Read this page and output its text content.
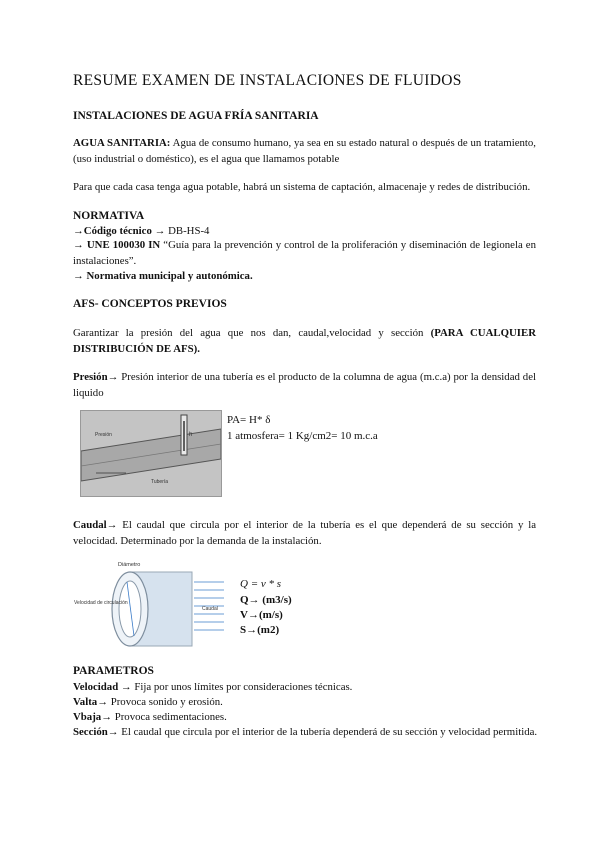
RESUME EXAMEN DE INSTALACIONES DE FLUIDOS
INSTALACIONES DE AGUA FRÍA SANITARIA
AGUA SANITARIA: Agua de consumo humano, ya sea en su estado natural o después de un tratamiento, (uso industrial o doméstico), es el agua que llamamos potable
Para que cada casa tenga agua potable, habrá un sistema de captación, almacenaje y redes de distribución.
NORMATIVA
→Código técnico → DB-HS-4
→ UNE 100030 IN “Guía para la prevención y control de la proliferación y diseminación de legionela en instalaciones”.
→ Normativa municipal y autonómica.
AFS- CONCEPTOS PREVIOS
Garantizar la presión del agua que nos dan, caudal,velocidad y sección (PARA CUALQUIER DISTRIBUCIÓN DE AFS).
Presión→ Presión interior de una tubería es el producto de la columna de agua (m.c.a) por la densidad del liquido
Presión
Tubería
h
PA= H* δ
1 atmosfera= 1 Kg/cm2= 10 m.c.a
Caudal→ El caudal que circula por el interior de la tubería es el que dependerá de su sección y la velocidad. Determinado por la demanda de la instalación.
Diámetro
Velocidad de circulación
Caudal
Q = v * s
Q→ (m3/s)
V→(m/s)
S→(m2)
PARAMETROS
Velocidad → Fija por unos límites por consideraciones técnicas.
Valta→ Provoca sonido y erosión.
Vbaja→ Provoca sedimentaciones.
Sección→ El caudal que circula por el interior de la tubería dependerá de su sección y velocidad permitida.
